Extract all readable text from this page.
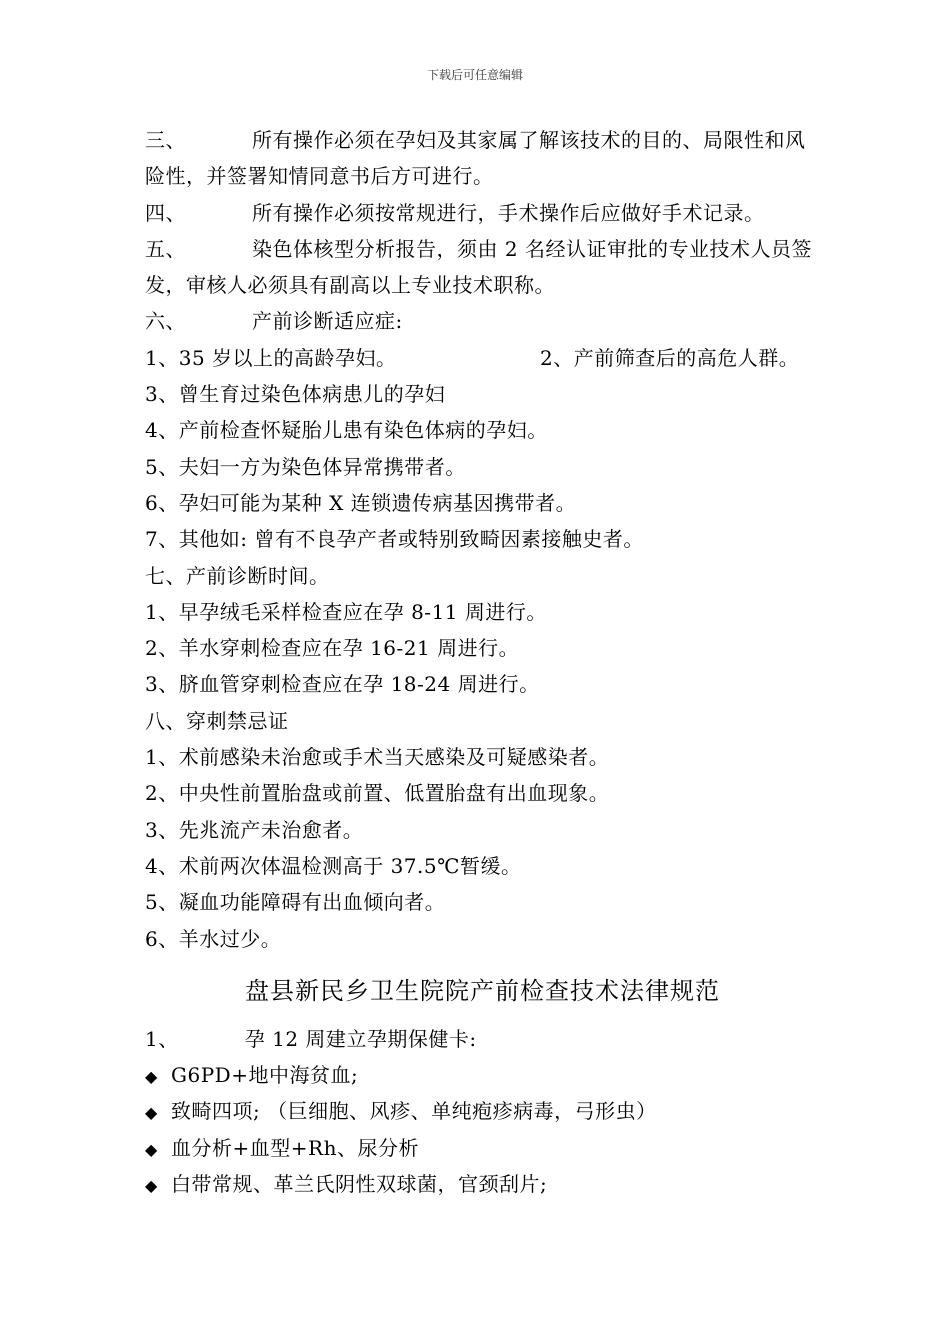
下载后可任意编辑
三、	所有操作必须在孕妇及其家属了解该技术的目的、局限性和风险性，并签署知情同意书后方可进行。
四、	所有操作必须按常规进行，手术操作后应做好手术记录。
五、	染色体核型分析报告，须由 2 名经认证审批的专业技术人员签发，审核人必须具有副高以上专业技术职称。
六、	产前诊断适应症:
1、35 岁以上的高龄孕妇。	2、产前筛查后的高危人群。
3、曾生育过染色体病患儿的孕妇
4、产前检查怀疑胎儿患有染色体病的孕妇。
5、夫妇一方为染色体异常携带者。
6、孕妇可能为某种 X 连锁遗传病基因携带者。
7、其他如: 曾有不良孕产者或特别致畸因素接触史者。
七、产前诊断时间。
1、早孕绒毛采样检查应在孕 8-11 周进行。
2、羊水穿刺检查应在孕 16-21 周进行。
3、脐血管穿刺检查应在孕 18-24 周进行。
八、穿刺禁忌证
1、术前感染未治愈或手术当天感染及可疑感染者。
2、中央性前置胎盘或前置、低置胎盘有出血现象。
3、先兆流产未治愈者。
4、术前两次体温检测高于 37.5℃暂缓。
5、凝血功能障碍有出血倾向者。
6、羊水过少。
盘县新民乡卫生院院产前检查技术法律规范
1、	孕 12 周建立孕期保健卡:
◆ G6PD+地中海贫血;
◆ 致畸四项; （巨细胞、风疹、单纯疱疹病毒，弓形虫）
◆ 血分析+血型+Rh、尿分析
◆ 白带常规、革兰氏阴性双球菌，官颈刮片;
